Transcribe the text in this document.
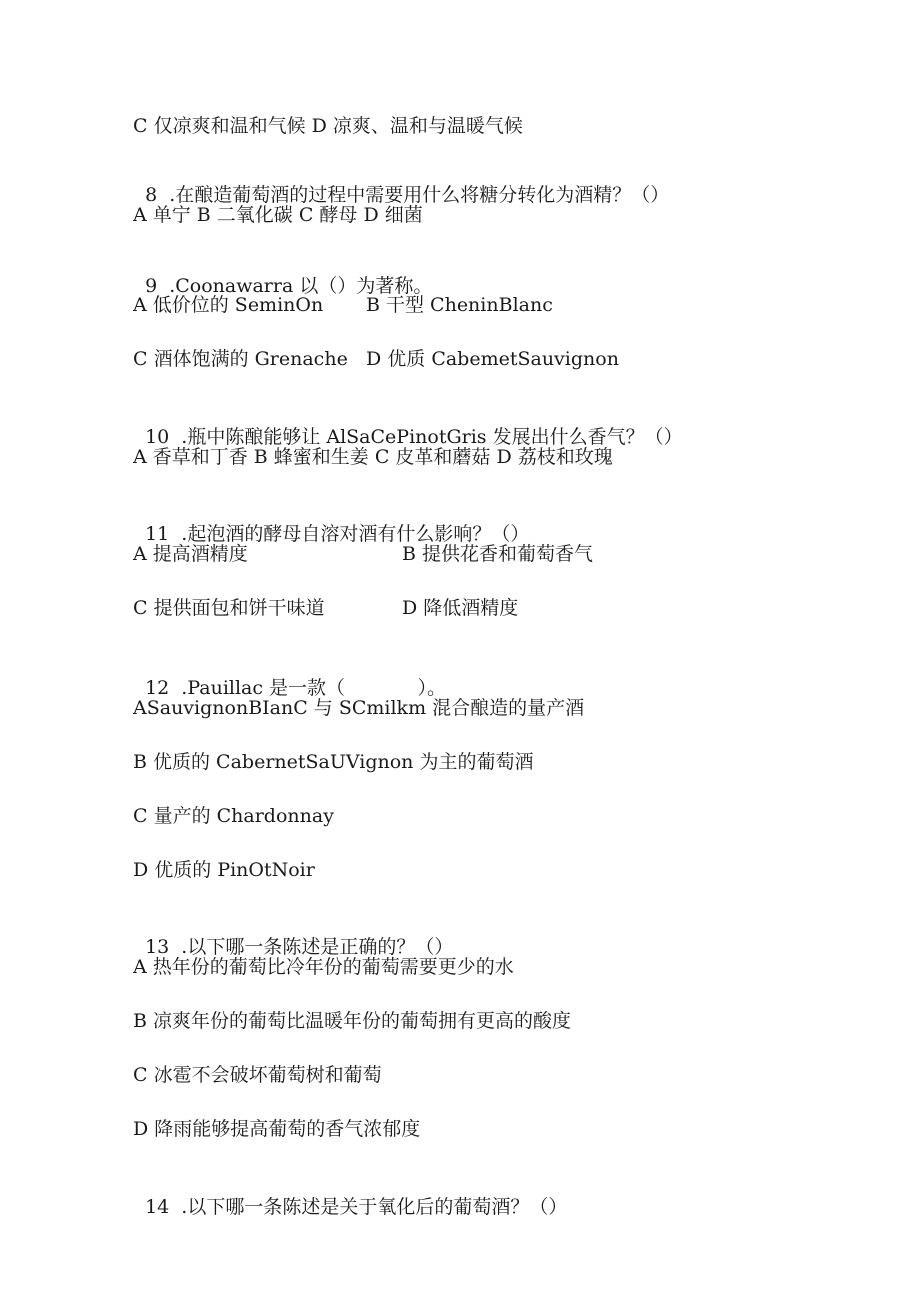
C 仅凉爽和温和气候 D 凉爽、温和与温暖气候

8 .在酿造葡萄酒的过程中需要用什么将糖分转化为酒精？（）

A 单宁 B 二氧化碳 C 酵母 D 细菌

9 .Coonawarra 以（）为著称。

A 低价位的 SeminOn B 干型 CheninBlanc
C 酒体饱满的 Grenache D 优质 CabemetSauvignon

10 .瓶中陈酿能够让 AlSaCePinotGris 发展出什么香气？（）

A 香草和丁香 B 蜂蜜和生姜 C 皮革和蘑菇 D 荔枝和玫瑰

11 .起泡酒的酵母自溶对酒有什么影响？（）

A 提高酒精度	B 提供花香和葡萄香气
C 提供面包和饼干味道	D 降低酒精度

12 .Pauillac 是一款（            ）。

ASauvignonBIanC 与 SCmilkm 混合酿造的量产酒
B 优质的 CabernetSaUVignon 为主的葡萄酒
C 量产的 Chardonnay
D 优质的 PinOtNoir

13 .以下哪一条陈述是正确的？（）

A 热年份的葡萄比冷年份的葡萄需要更少的水
B 凉爽年份的葡萄比温暖年份的葡萄拥有更高的酸度
C 冰雹不会破坏葡萄树和葡萄
D 降雨能够提高葡萄的香气浓郁度

14 .以下哪一条陈述是关于氧化后的葡萄酒？（）
